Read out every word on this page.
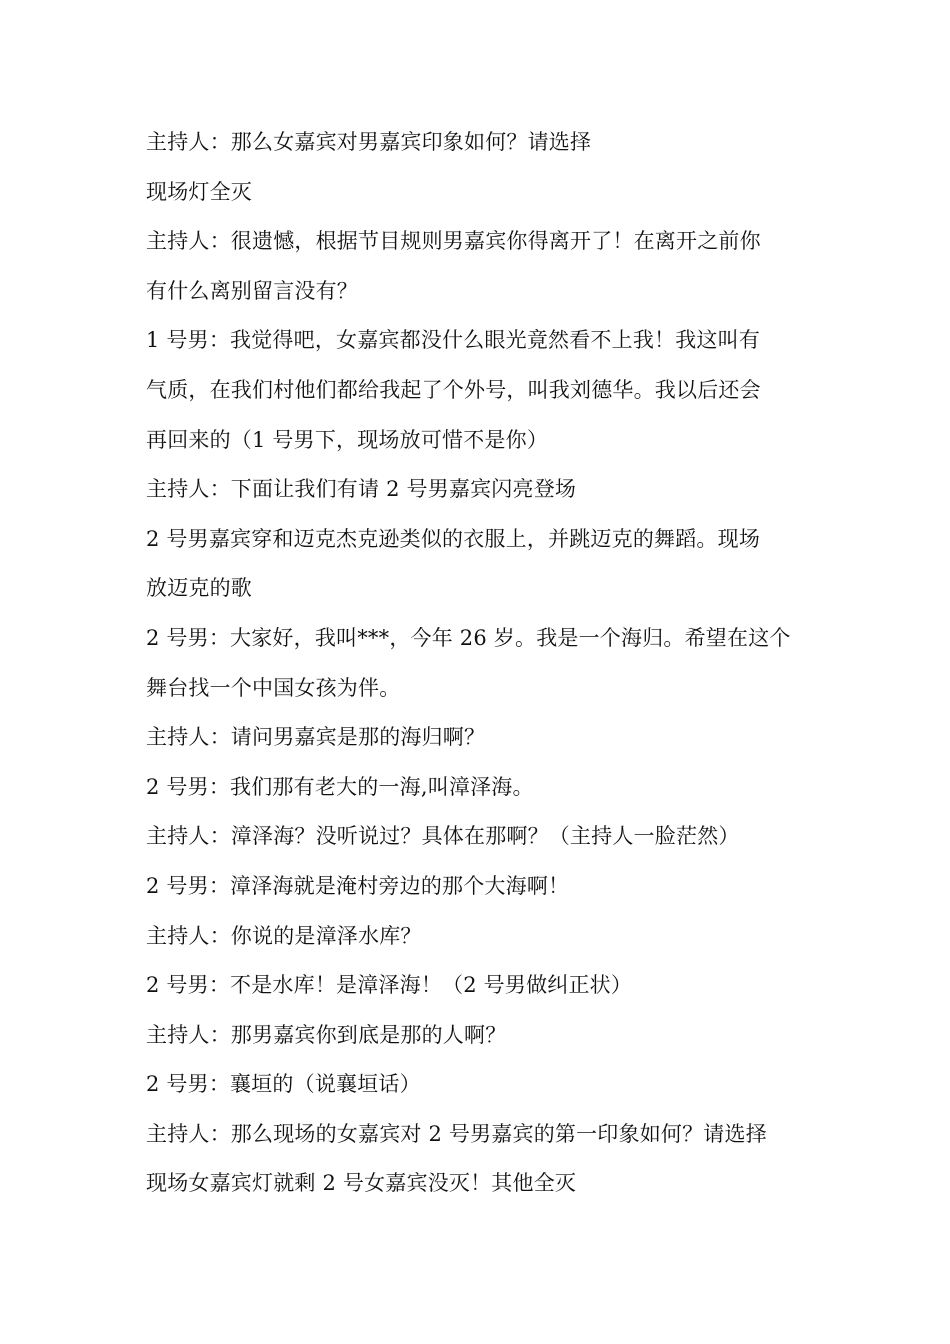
主持人：那么女嘉宾对男嘉宾印象如何？请选择
现场灯全灭
主持人：很遗憾，根据节目规则男嘉宾你得离开了！在离开之前你
有什么离别留言没有？
1 号男：我觉得吧，女嘉宾都没什么眼光竟然看不上我！我这叫有
气质，在我们村他们都给我起了个外号，叫我刘德华。我以后还会
再回来的（1 号男下，现场放可惜不是你）
主持人：下面让我们有请 2 号男嘉宾闪亮登场
2 号男嘉宾穿和迈克杰克逊类似的衣服上，并跳迈克的舞蹈。现场
放迈克的歌
2 号男：大家好，我叫***，今年 26 岁。我是一个海归。希望在这个
舞台找一个中国女孩为伴。
主持人：请问男嘉宾是那的海归啊？
2 号男：我们那有老大的一海,叫漳泽海。
主持人：漳泽海？没听说过？具体在那啊？（主持人一脸茫然）
2 号男：漳泽海就是淹村旁边的那个大海啊！
主持人：你说的是漳泽水库？
2 号男：不是水库！是漳泽海！（2 号男做纠正状）
主持人：那男嘉宾你到底是那的人啊？
2 号男：襄垣的（说襄垣话）
主持人：那么现场的女嘉宾对 2 号男嘉宾的第一印象如何？请选择
现场女嘉宾灯就剩 2 号女嘉宾没灭！其他全灭
